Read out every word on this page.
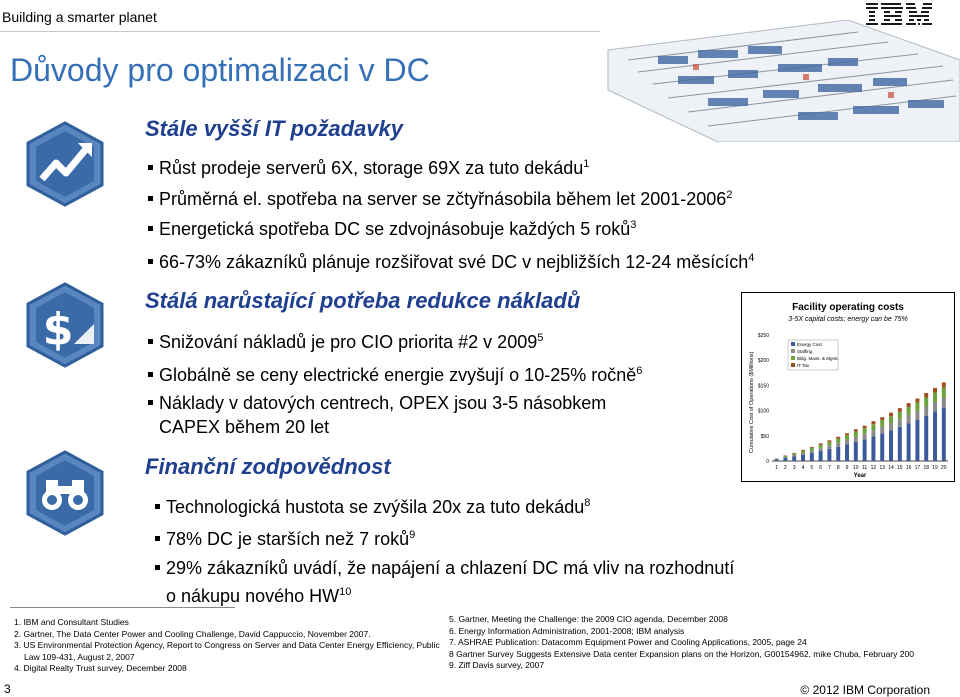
Building a smarter planet
Důvody pro optimalizaci v DC
$
Stále vyšší IT požadavky
Růst prodeje serverů 6X, storage 69X za tuto dekádu$^1$
Průměrná el. spotřeba na server se zčtyřnásobila během let 2001-2006$^2$
Energetická spotřeba DC se zdvojnásobuje každých 5 roků$^3$
66-73% zákazníků plánuje rozšiřovat své DC v nejbližších 12-24 měsících$^4$
Stálá narůstající potřeba redukce nákladů
Snižování nákladů je pro CIO priorita #2 v 2009$^5$
Globálně se ceny electrické energie zvyšují o 10-25% ročně$^6$
Náklady v datových centrech, OPEX jsou 3-5 násobkem
CAPEX během 20 let
Finanční zodpovědnost
Technologická hustota se zvýšila 20x za tuto dekádu$^8$
78% DC je starších než 7 roků$^9$
29% zákazníků uvádí, že napájení a chlazení DC má vliv na rozhodnutí
o nákupu nového HW$^{10}$
Facility operating costs
3-5X capital costs; energy can be 75%
Cumulative Cost of Operations ($Millions)
Year
0
$50
$100
$150
$200
$250
1 2 3 4 5 6 7 8 9 10 11 12 13 14 15 16 17 18 19 20
Energy Cost
Staffing
Bldg. Maint. & Mgmt.
IT Tax
1. IBM and Consultant Studies
2. Gartner, The Data Center Power and Cooling Challenge, David Cappuccio, November 2007.
3. US Environmental Protection Agency, Report to Congress on Server and Data Center Energy Efficiency, Public
Law 109-431, August 2, 2007
4. Digital Realty Trust survey, December 2008
5. Gartner, Meeting the Challenge: the 2009 CIO agenda, December 2008
6. Energy Information Administration, 2001-2008; IBM analysis
7. ASHRAE Publication: Datacomm Equipment Power and Cooling Applications, 2005, page 24
8 Gartner Survey Suggests Extensive Data center Expansion plans on the Horizon, G00154962, mike Chuba, February 200
9. Ziff Davis survey, 2007
3	© 2012 IBM Corporation
